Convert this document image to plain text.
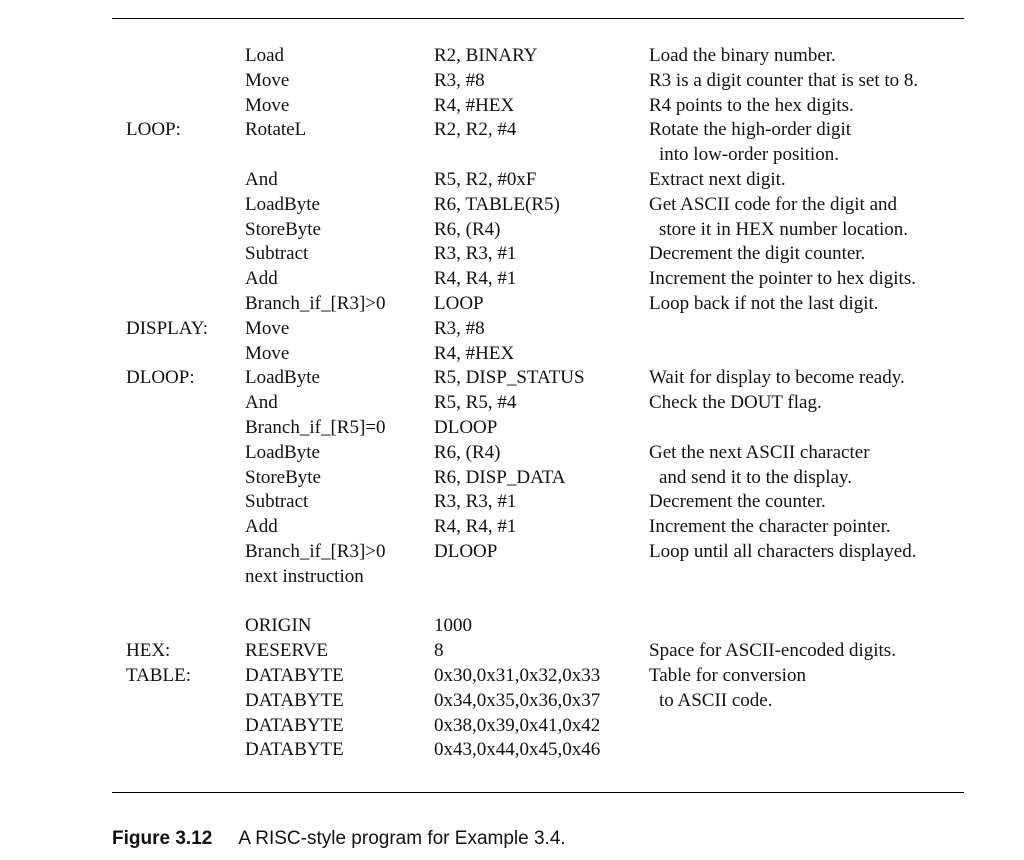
Load	R2, BINARY	Load the binary number.
Move	R3, #8	R3 is a digit counter that is set to 8.
Move	R4, #HEX	R4 points to the hex digits.
LOOP:	RotateL	R2, R2, #4	Rotate the high-order digit
into low-order position.
And	R5, R2, #0xF	Extract next digit.
LoadByte	R6, TABLE(R5)	Get ASCII code for the digit and
StoreByte	R6, (R4)	store it in HEX number location.
Subtract	R3, R3, #1	Decrement the digit counter.
Add	R4, R4, #1	Increment the pointer to hex digits.
Branch_if_[R3]>0	LOOP	Loop back if not the last digit.
DISPLAY: Move	R3, #8
Move	R4, #HEX
DLOOP:	LoadByte	R5, DISP_STATUS	Wait for display to become ready.
And	R5, R5, #4	Check the DOUT flag.
Branch_if_[R5]=0	DLOOP
LoadByte	R6, (R4)	Get the next ASCII character
StoreByte	R6, DISP_DATA	and send it to the display.
Subtract	R3, R3, #1	Decrement the counter.
Add	R4, R4, #1	Increment the character pointer.
Branch_if_[R3]>0	DLOOP	Loop until all characters displayed.
next instruction
ORIGIN	1000
HEX:	RESERVE	8	Space for ASCII-encoded digits.
TABLE:	DATABYTE	0x30,0x31,0x32,0x33	Table for conversion
DATABYTE	0x34,0x35,0x36,0x37	to ASCII code.
DATABYTE	0x38,0x39,0x41,0x42
DATABYTE	0x43,0x44,0x45,0x46
Figure 3.12 A RISC-style program for Example 3.4.
